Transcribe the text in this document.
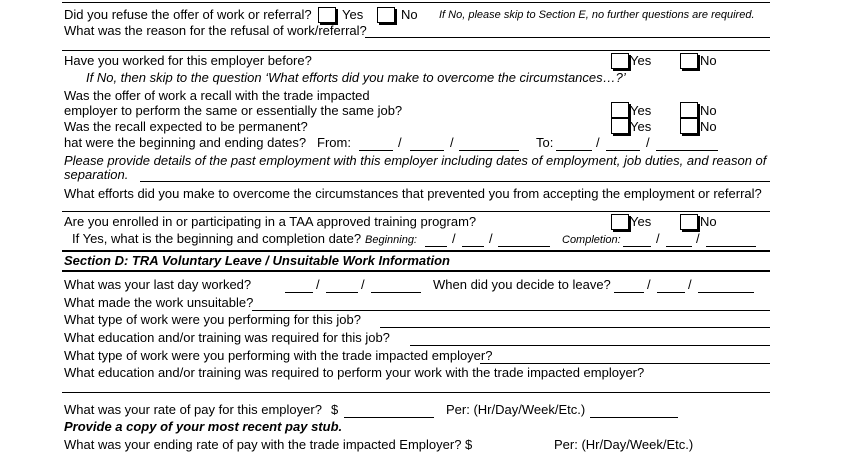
Did you refuse the offer of work or referral? Yes	No If No, please skip to Section E, no further questions are required.
What was the reason for the refusal of work/referral?
Have you worked for this employer before?	Yes	No
If No, then skip to the question ‘What efforts did you make to overcome the circumstances…?’
Was the offer of work a recall with the trade impacted
employer to perform the same or essentially the same job?	Yes	No
Was the recall expected to be permanent?	Yes	No
hat were the beginning and ending dates? From:	/	/	To:	/	/
Please provide details of the past employment with this employer including dates of employment, job duties, and reason of
separation.
What efforts did you make to overcome the circumstances that prevented you from accepting the employment or referral?
Are you enrolled in or participating in a TAA approved training program?	Yes	No
If Yes, what is the beginning and completion date? Beginning:	/	/	Completion:	/	/
Section D: TRA Voluntary Leave / Unsuitable Work Information
What was your last day worked?	/	/	When did you decide to leave?	/	/
What made the work unsuitable?
What type of work were you performing for this job?
What education and/or training was required for this job?
What type of work were you performing with the trade impacted employer?
What education and/or training was required to perform your work with the trade impacted employer?
What was your rate of pay for this employer? $	Per: (Hr/Day/Week/Etc.)
Provide a copy of your most recent pay stub.
What was your ending rate of pay with the trade impacted Employer? $	Per: (Hr/Day/Week/Etc.)
